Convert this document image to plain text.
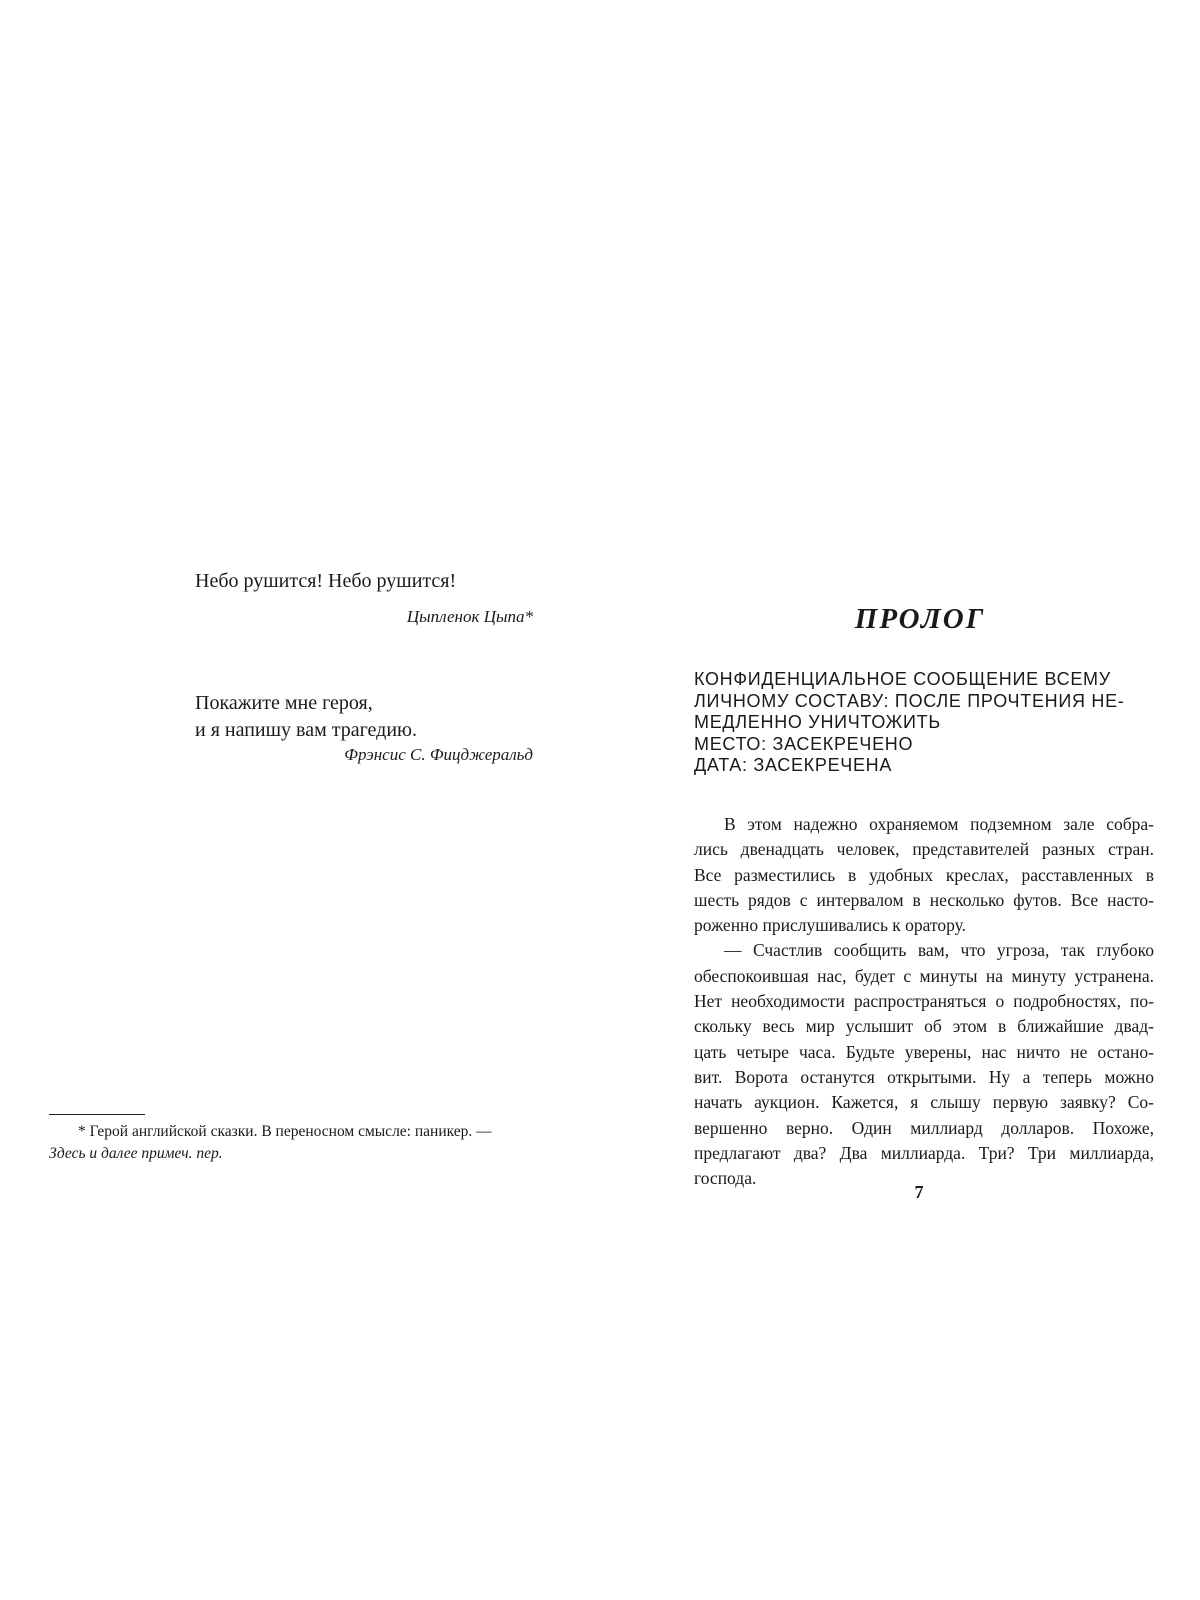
Небо рушится! Небо рушится!
Цыпленок Цыпа*
Покажите мне героя,
и я напишу вам трагедию.
Фрэнсис С. Фицджеральд
* Герой английской сказки. В переносном смысле: паникер. —
Здесь и далее примеч. пер.
ПРОЛОГ
КОНФИДЕНЦИАЛЬНОЕ СООБЩЕНИЕ ВСЕМУ
ЛИЧНОМУ СОСТАВУ: ПОСЛЕ ПРОЧТЕНИЯ НЕ-
МЕДЛЕННО УНИЧТОЖИТЬ
МЕСТО: ЗАСЕКРЕЧЕНО
ДАТА: ЗАСЕКРЕЧЕНА
В этом надежно охраняемом подземном зале собра-
лись двенадцать человек, представителей разных стран.
Все разместились в удобных креслах, расставленных в
шесть рядов с интервалом в несколько футов. Все насто-
роженно прислушивались к оратору.
— Счастлив сообщить вам, что угроза, так глубоко
обеспокоившая нас, будет с минуты на минуту устранена.
Нет необходимости распространяться о подробностях, по-
скольку весь мир услышит об этом в ближайшие двад-
цать четыре часа. Будьте уверены, нас ничто не остано-
вит. Ворота останутся открытыми. Ну а теперь можно
начать аукцион. Кажется, я слышу первую заявку? Со-
вершенно верно. Один миллиард долларов. Похоже,
предлагают два? Два миллиарда. Три? Три миллиарда,
господа.
7
